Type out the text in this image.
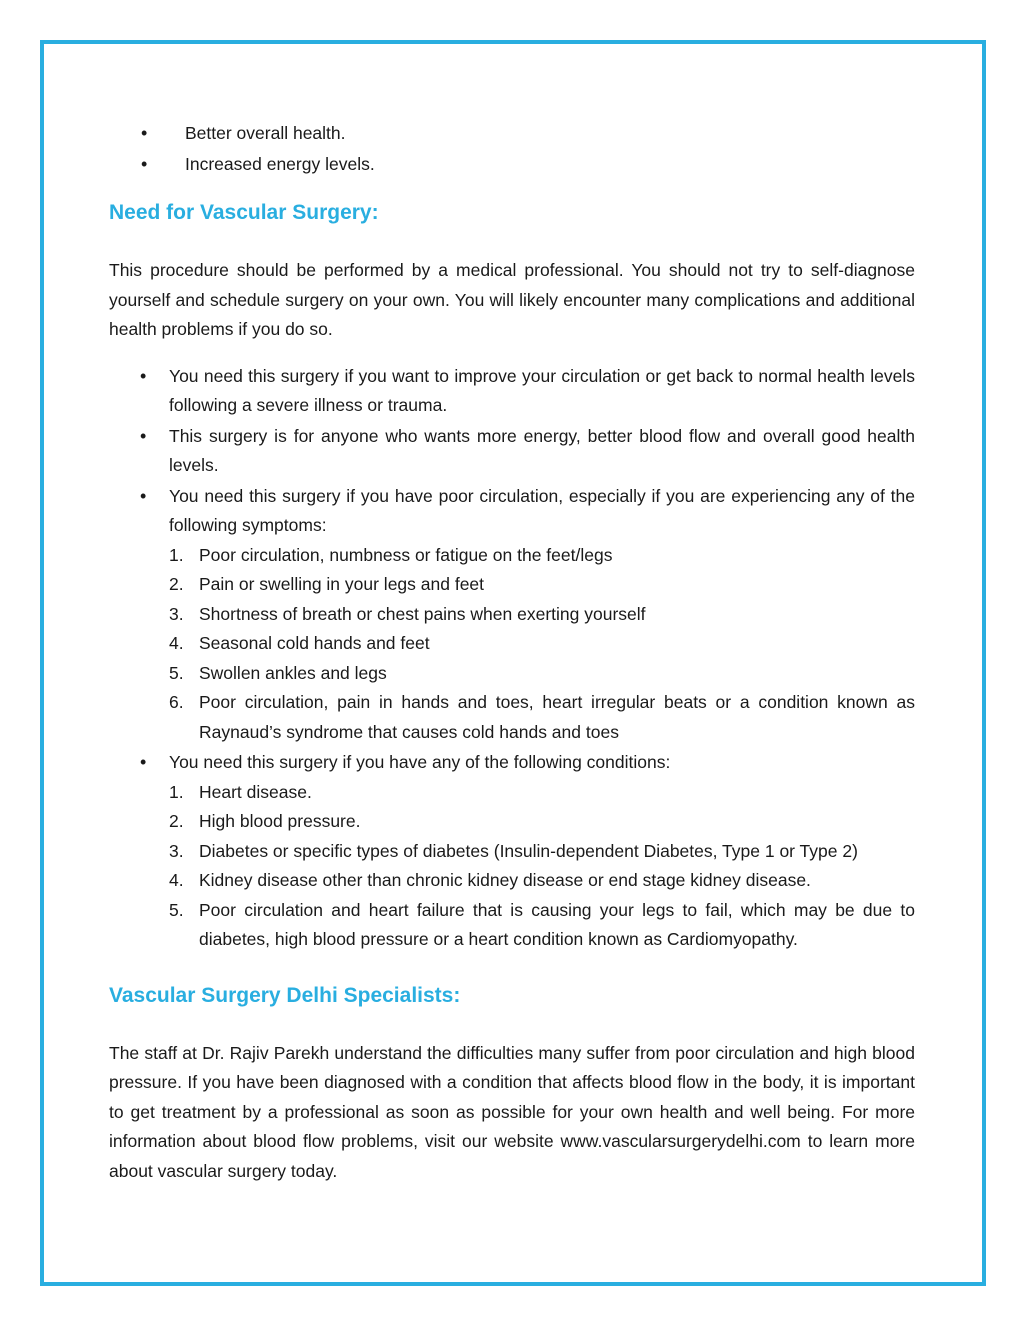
• Better overall health.
• Increased energy levels.
Need for Vascular Surgery:

This procedure should be performed by a medical professional. You should not try to self-diagnose yourself and schedule surgery on your own. You will likely encounter many complications and additional health problems if you do so.

• You need this surgery if you want to improve your circulation or get back to normal health levels following a severe illness or trauma.
• This surgery is for anyone who wants more energy, better blood flow and overall good health levels.
• You need this surgery if you have poor circulation, especially if you are experiencing any of the following symptoms:
1. Poor circulation, numbness or fatigue on the feet/legs
2. Pain or swelling in your legs and feet
3. Shortness of breath or chest pains when exerting yourself
4. Seasonal cold hands and feet
5. Swollen ankles and legs
6. Poor circulation, pain in hands and toes, heart irregular beats or a condition known as Raynaud’s syndrome that causes cold hands and toes
• You need this surgery if you have any of the following conditions:
1. Heart disease.
2. High blood pressure.
3. Diabetes or specific types of diabetes (Insulin-dependent Diabetes, Type 1 or Type 2)
4. Kidney disease other than chronic kidney disease or end stage kidney disease.
5. Poor circulation and heart failure that is causing your legs to fail, which may be due to diabetes, high blood pressure or a heart condition known as Cardiomyopathy.
Vascular Surgery Delhi Specialists:

The staff at Dr. Rajiv Parekh understand the difficulties many suffer from poor circulation and high blood pressure. If you have been diagnosed with a condition that affects blood flow in the body, it is important to get treatment by a professional as soon as possible for your own health and well being. For more information about blood flow problems, visit our website www.vascularsurgerydelhi.com to learn more about vascular surgery today.
